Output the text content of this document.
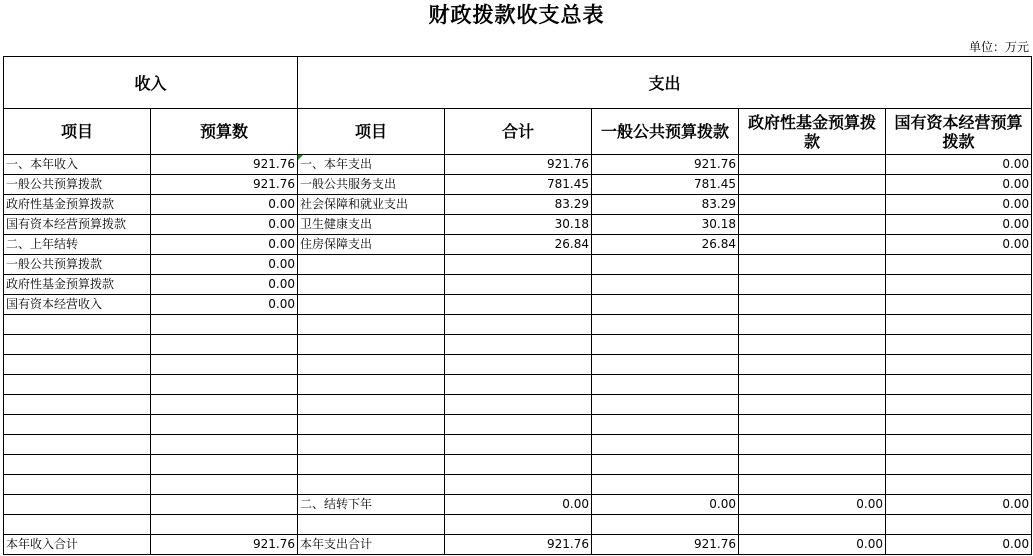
财政拨款收支总表
单位：万元
收入		支出				
项目	预算数	项目	合计	一般公共预算拨款	政府性基金预算拨款	国有资本经营预算拨款
一、本年收入	921.76	一、本年支出	921.76	921.76		0.00
一般公共预算拨款	921.76	一般公共服务支出	781.45	781.45		0.00
政府性基金预算拨款	0.00	社会保障和就业支出	83.29	83.29		0.00
国有资本经营预算拨款	0.00	卫生健康支出	30.18	30.18		0.00
二、上年结转	0.00	住房保障支出	26.84	26.84		0.00
一般公共预算拨款	0.00					
政府性基金预算拨款	0.00					
国有资本经营收入	0.00					

		二、结转下年	0.00	0.00	0.00	0.00

本年收入合计	921.76	本年支出合计	921.76	921.76	0.00	0.00
